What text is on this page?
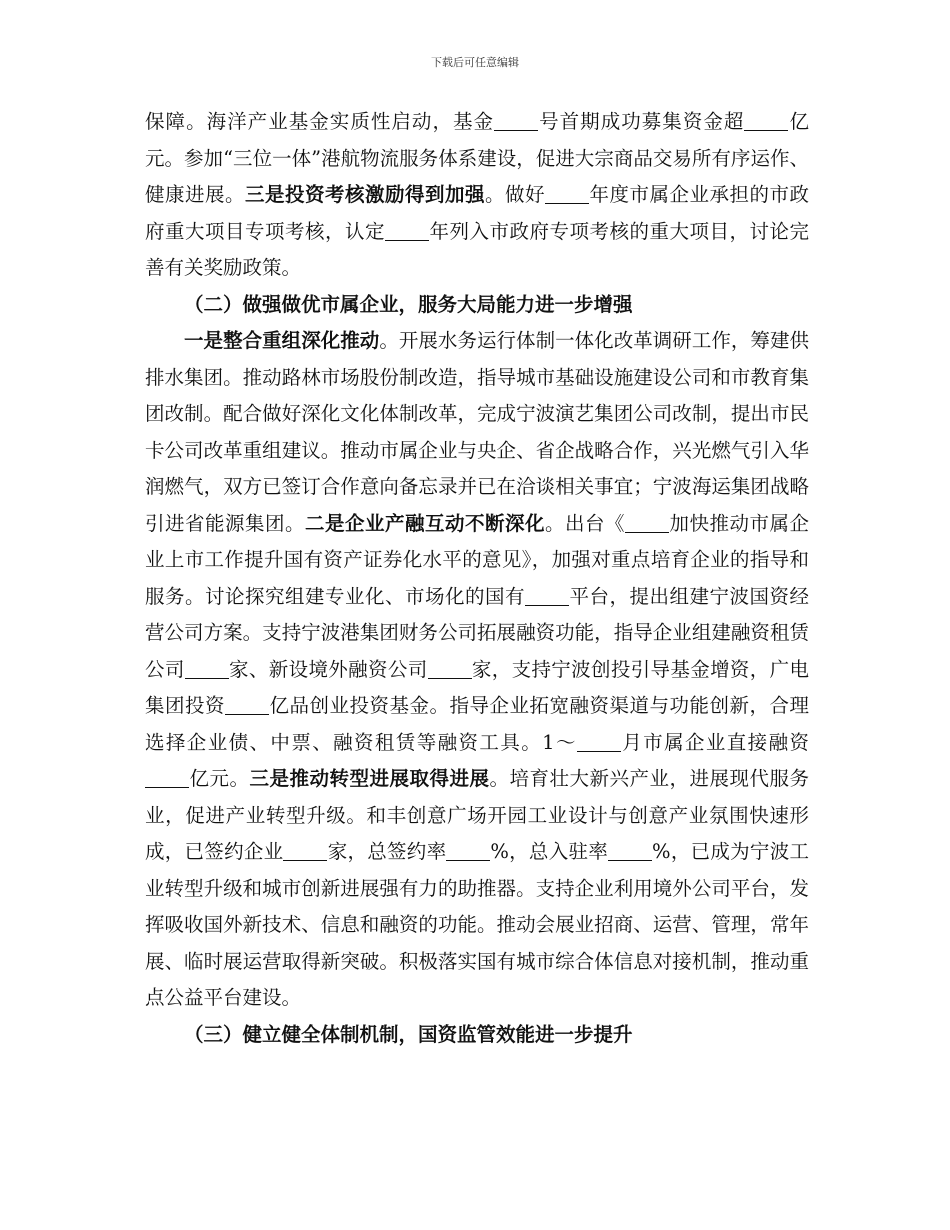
下载后可任意编辑

保障。海洋产业基金实质性启动，基金 号首期成功募集资金超 亿元。参加“三位一体”港航物流服务体系建设，促进大宗商品交易所有序运作、健康进展。三是投资考核激励得到加强。做好 年度市属企业承担的市政府重大项目专项考核，认定 年列入市政府专项考核的重大项目，讨论完善有关奖励政策。

（二）做强做优市属企业，服务大局能力进一步增强

一是整合重组深化推动。开展水务运行体制一体化改革调研工作，筹建供排水集团。推动路林市场股份制改造，指导城市基础设施建设公司和市教育集团改制。配合做好深化文化体制改革，完成宁波演艺集团公司改制，提出市民卡公司改革重组建议。推动市属企业与央企、省企战略合作，兴光燃气引入华润燃气，双方已签订合作意向备忘录并已在洽谈相关事宜；宁波海运集团战略引进省能源集团。二是企业产融互动不断深化。出台《 加快推动市属企业上市工作提升国有资产证券化水平的意见》，加强对重点培育企业的指导和服务。讨论探究组建专业化、市场化的国有 平台，提出组建宁波国资经营公司方案。支持宁波港集团财务公司拓展融资功能，指导企业组建融资租赁公司 家、新设境外融资公司 家，支持宁波创投引导基金增资，广电集团投资 亿品创业投资基金。指导企业拓宽融资渠道与功能创新，合理选择企业债、中票、融资租赁等融资工具。1～ 月市属企业直接融资亿元。三是推动转型进展取得进展。培育壮大新兴产业，进展现代服务业，促进产业转型升级。和丰创意广场开园工业设计与创意产业氛围快速形成，已签约企业 家，总签约率 %，总入驻率 %，已成为宁波工业转型升级和城市创新进展强有力的助推器。支持企业利用境外公司平台，发挥吸收国外新技术、信息和融资的功能。推动会展业招商、运营、管理，常年展、临时展运营取得新突破。积极落实国有城市综合体信息对接机制，推动重点公益平台建设。

（三）健立健全体制机制，国资监管效能进一步提升
